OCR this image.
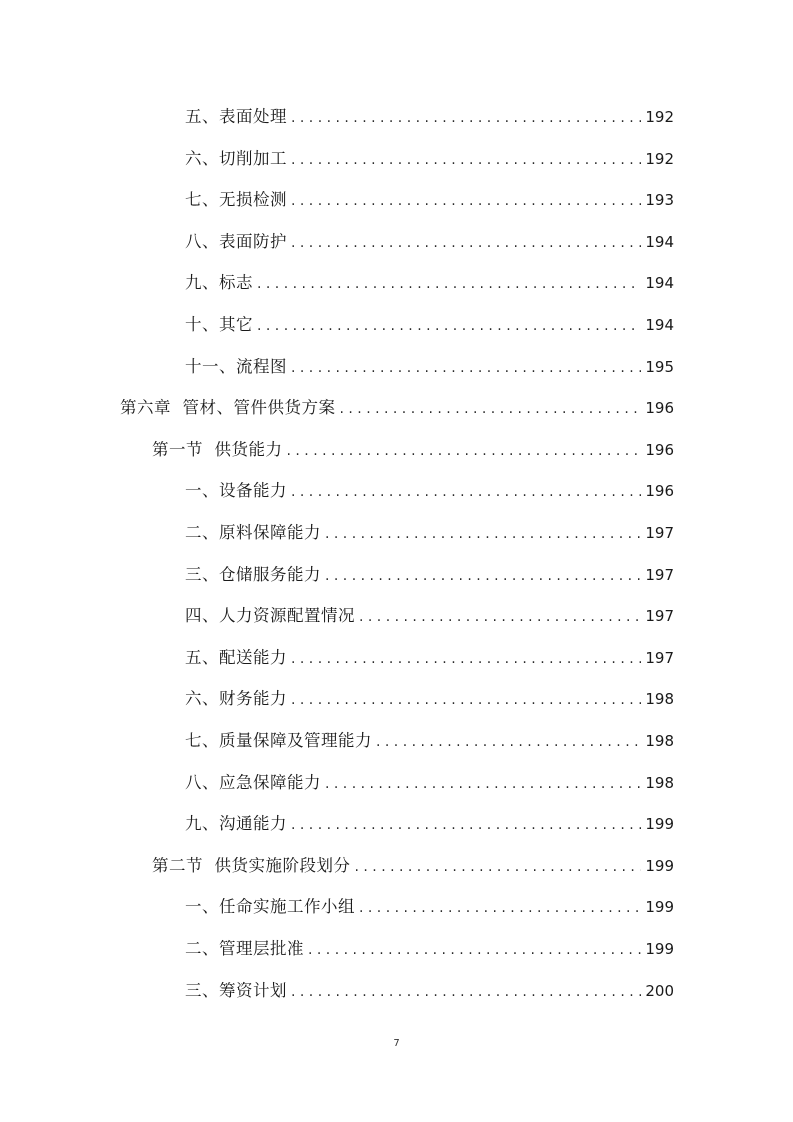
五、表面处理 . . .	192
六、切削加工 . . .	192
七、无损检测 . . .	193
八、表面防护 . . .	194
九、标志 . . .	194
十、其它 . . .	194
十一、流程图 . . .	195
第六章  管材、管件供货方案 . . .	196
第一节  供货能力 . . .	196
一、设备能力 . . .	196
二、原料保障能力 . . .	197
三、仓储服务能力 . . .	197
四、人力资源配置情况 . . .	197
五、配送能力 . . .	197
六、财务能力 . . .	198
七、质量保障及管理能力 . . .	198
八、应急保障能力 . . .	198
九、沟通能力 . . .	199
第二节  供货实施阶段划分 . . .	199
一、任命实施工作小组 . . .	199
二、管理层批准 . . .	199
三、筹资计划 . . .	200
7
